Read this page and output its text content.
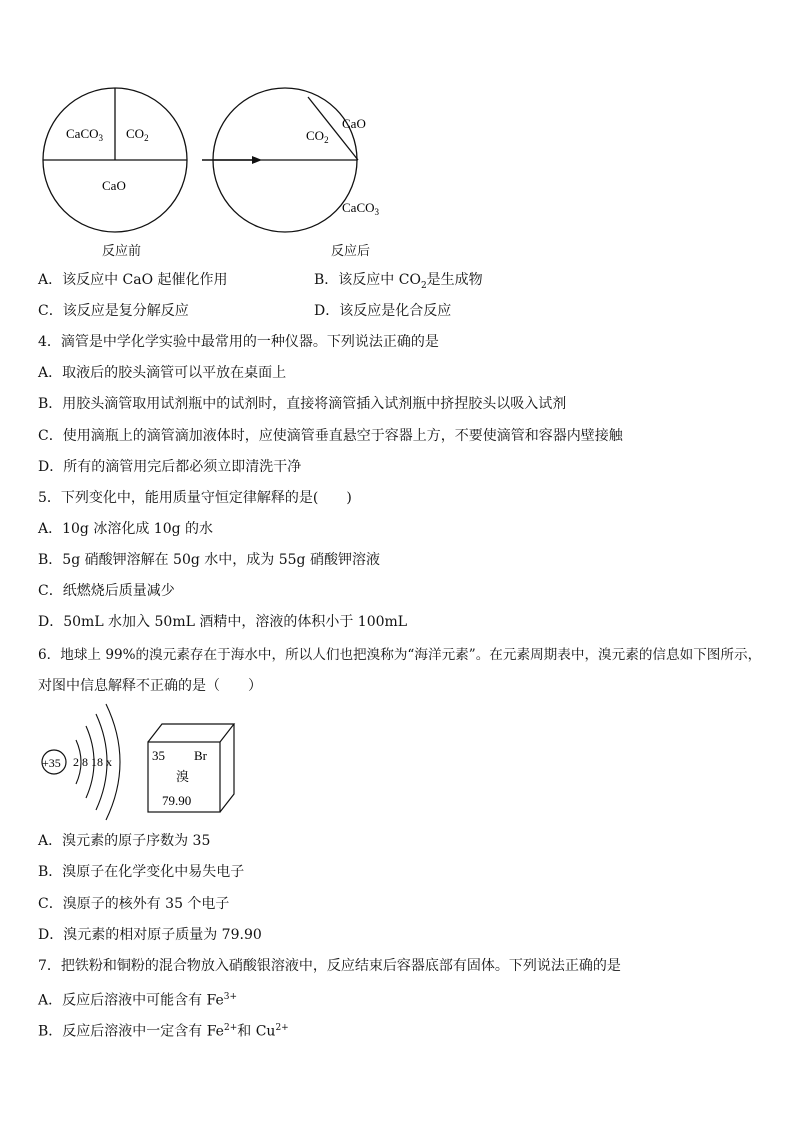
CaCO$_3$ $CO_2$
CaO
CaO
$CO_2$
CaCO$_3$
反应前	反应后
A．该反应中 CaO 起催化作用	B．该反应中 $CO_2$是生成物
C．该反应是复分解反应	D．该反应是化合反应
4．滴管是中学化学实验中最常用的一种仪器。下列说法正确的是
A．取液后的胶头滴管可以平放在桌面上
B．用胶头滴管取用试剂瓶中的试剂时，直接将滴管插入试剂瓶中挤捏胶头以吸入试剂
C．使用滴瓶上的滴管滴加液体时，应使滴管垂直悬空于容器上方，不要使滴管和容器内壁接触
D．所有的滴管用完后都必须立即清洗干净
5．下列变化中，能用质量守恒定律解释的是(　　)
A．10g 冰溶化成 10g 的水
B．5g 硝酸钾溶解在 50g 水中，成为 55g 硝酸钾溶液
C．纸燃烧后质量减少
D．50mL 水加入 50mL 酒精中，溶液的体积小于 100mL
6．地球上 99%的溴元素存在于海水中，所以人们也把溴称为“海洋元素”。在元素周期表中，溴元素的信息如下图所示，
对图中信息解释不正确的是（　　）
+35 2 8 18 x	35 Br
溴
79.90
A．溴元素的原子序数为 35
B．溴原子在化学变化中易失电子
C．溴原子的核外有 35 个电子
D．溴元素的相对原子质量为 79.90
7．把铁粉和铜粉的混合物放入硝酸银溶液中，反应结束后容器底部有固体。下列说法正确的是
A．反应后溶液中可能含有 $Fe^{3+}$
B．反应后溶液中一定含有 $Fe^{2+}$和 $Cu^{2+}$
